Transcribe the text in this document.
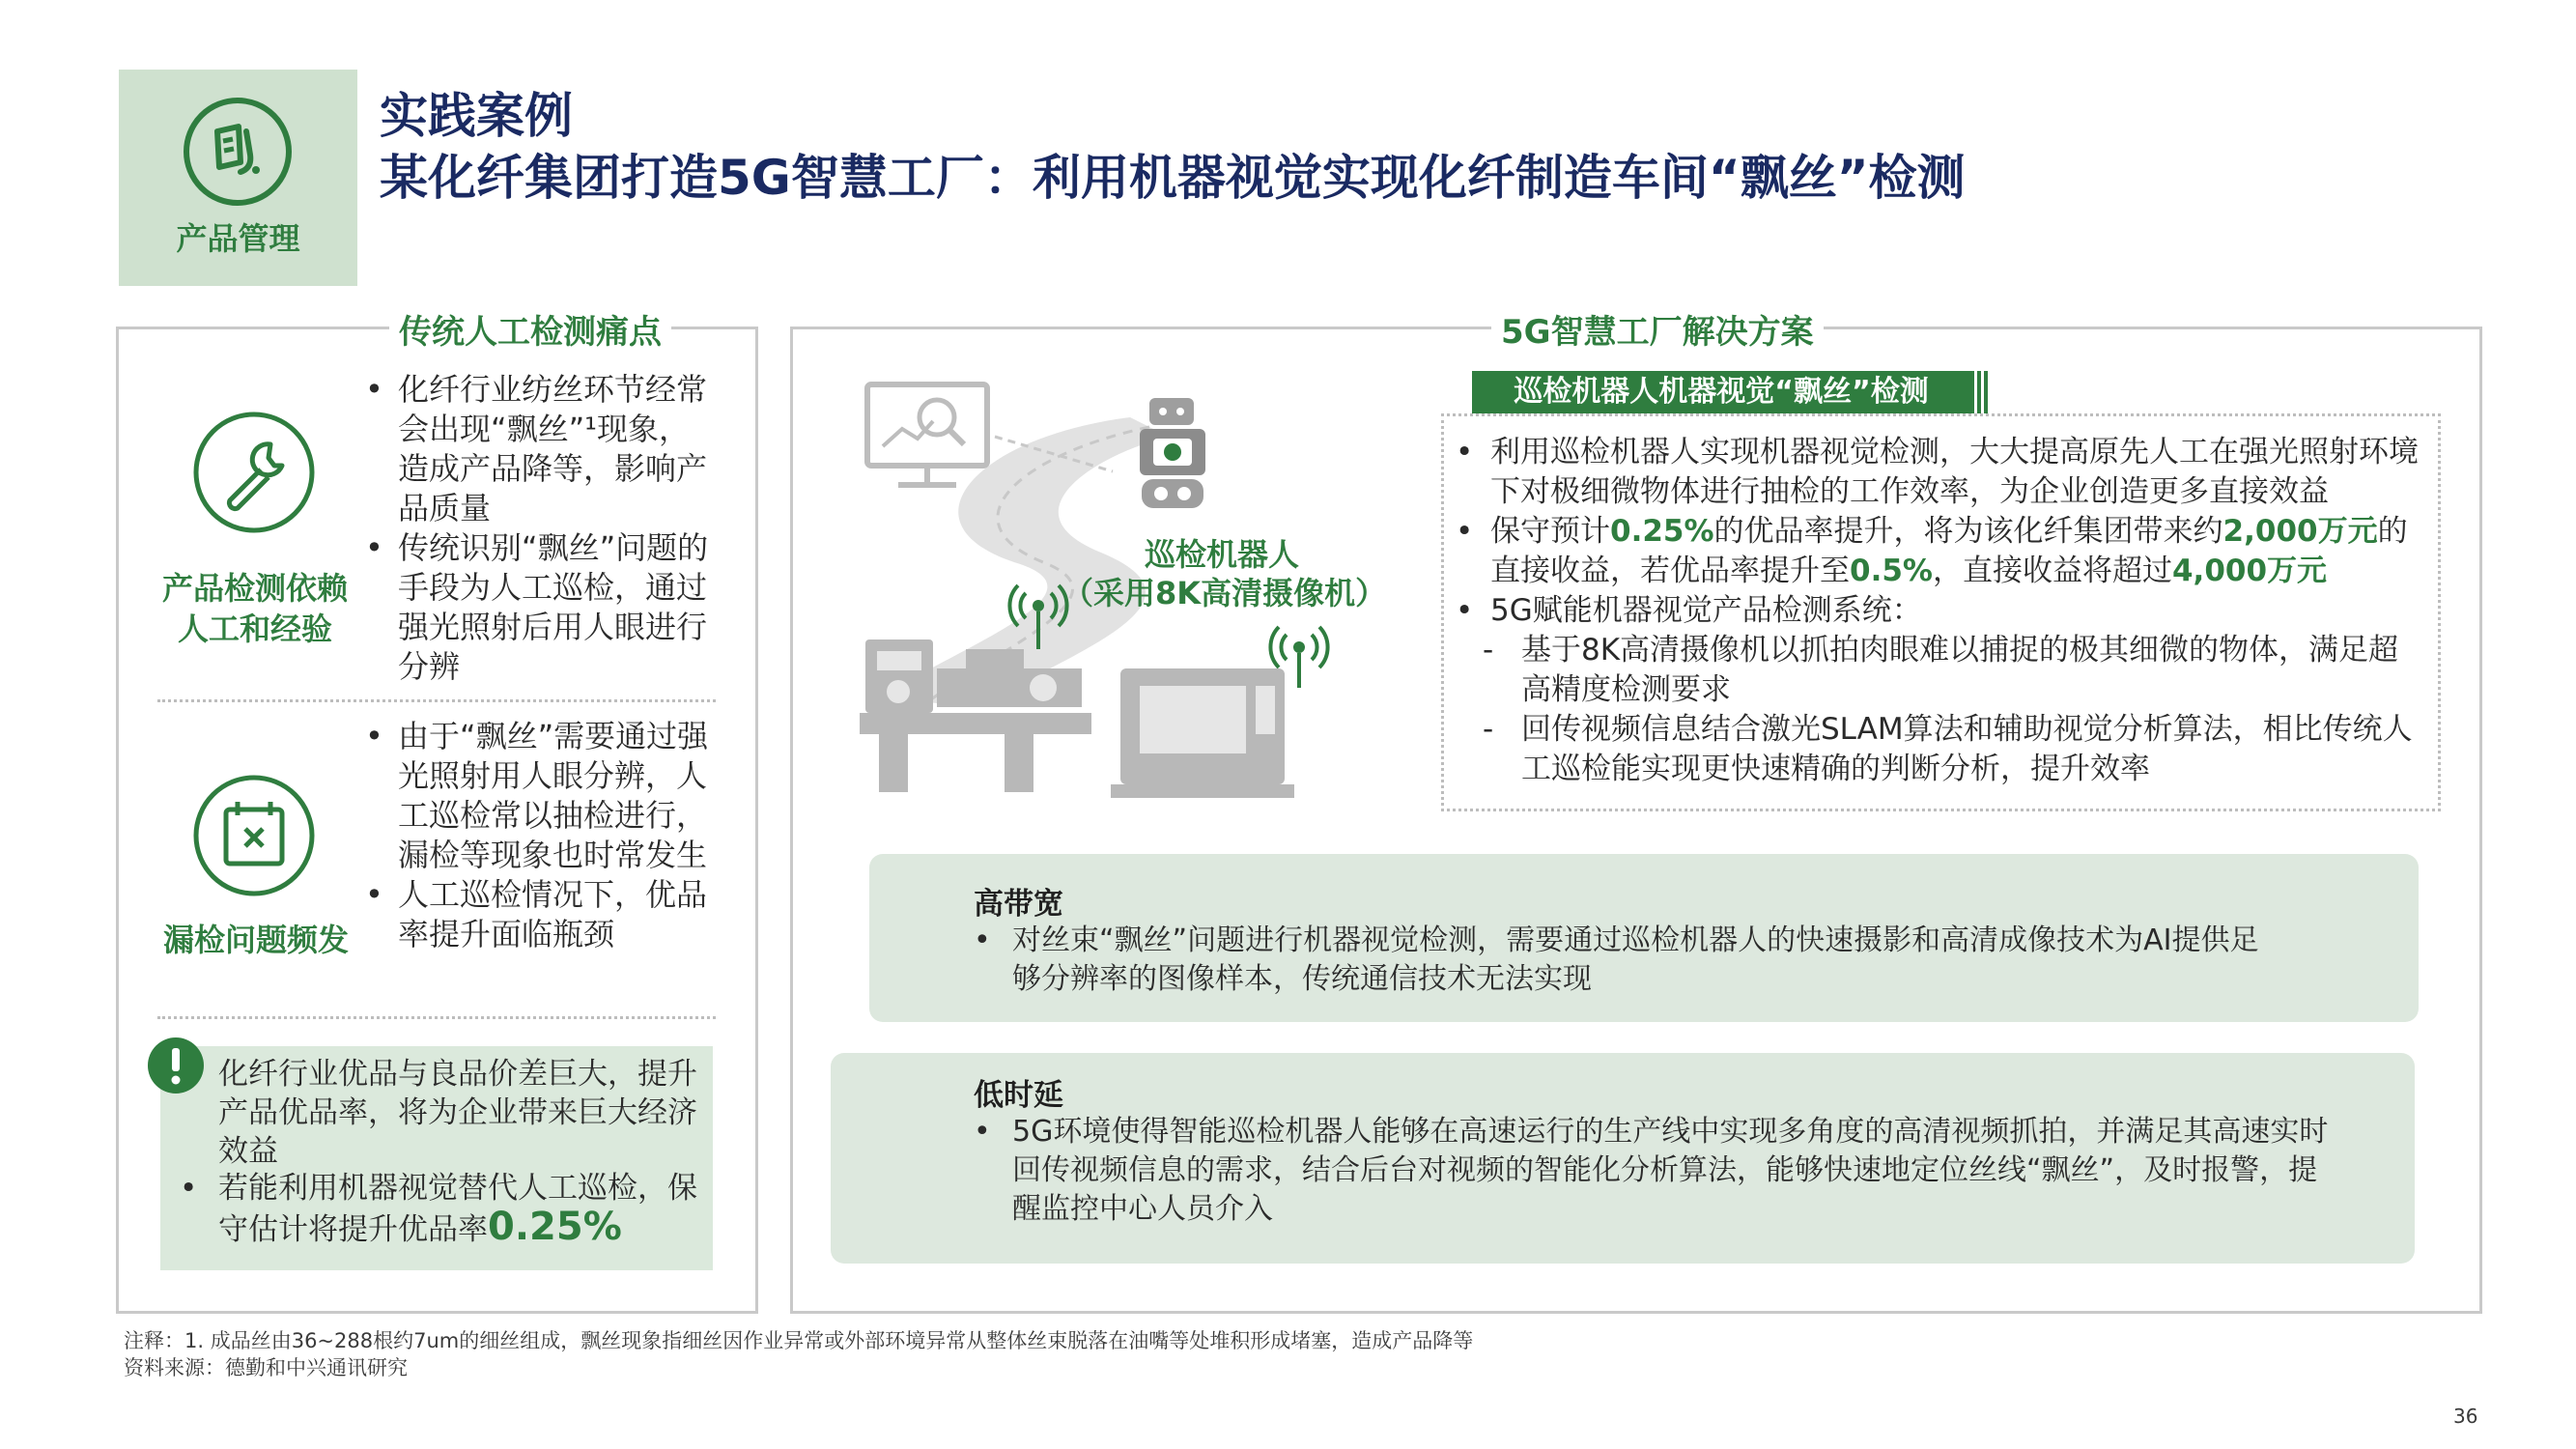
产品管理
实践案例
某化纤集团打造5G智慧工厂：利用机器视觉实现化纤制造车间“飘丝”检测
传统人工检测痛点
产品检测依赖
人工和经验
• 化纤行业纺丝环节经常会出现“飘丝”¹现象，造成产品降等，影响产品质量
• 传统识别“飘丝”问题的手段为人工巡检，通过强光照射后用人眼进行分辨
漏检问题频发
• 由于“飘丝”需要通过强光照射用人眼分辨，人工巡检常以抽检进行，漏检等现象也时常发生
• 人工巡检情况下，优品率提升面临瓶颈
化纤行业优品与良品价差巨大，提升产品优品率，将为企业带来巨大经济效益
• 若能利用机器视觉替代人工巡检，保守估计将提升优品率0.25%
5G智慧工厂解决方案
巡检机器人
（采用8K高清摄像机）
巡检机器人机器视觉“飘丝”检测
• 利用巡检机器人实现机器视觉检测，大大提高原先人工在强光照射环境下对极细微物体进行抽检的工作效率，为企业创造更多直接效益
• 保守预计0.25%的优品率提升，将为该化纤集团带来约2,000万元的直接收益，若优品率提升至0.5%，直接收益将超过4,000万元
• 5G赋能机器视觉产品检测系统：
- 基于8K高清摄像机以抓拍肉眼难以捕捉的极其细微的物体，满足超高精度检测要求
- 回传视频信息结合激光SLAM算法和辅助视觉分析算法，相比传统人工巡检能实现更快速精确的判断分析，提升效率
高带宽
• 对丝束“飘丝”问题进行机器视觉检测，需要通过巡检机器人的快速摄影和高清成像技术为AI提供足够分辨率的图像样本，传统通信技术无法实现
低时延
• 5G环境使得智能巡检机器人能够在高速运行的生产线中实现多角度的高清视频抓拍，并满足其高速实时回传视频信息的需求，结合后台对视频的智能化分析算法，能够快速地定位丝线“飘丝”，及时报警，提醒监控中心人员介入
注释：1. 成品丝由36~288根约7um的细丝组成，飘丝现象指细丝因作业异常或外部环境异常从整体丝束脱落在油嘴等处堆积形成堵塞，造成产品降等
资料来源：德勤和中兴通讯研究
36
